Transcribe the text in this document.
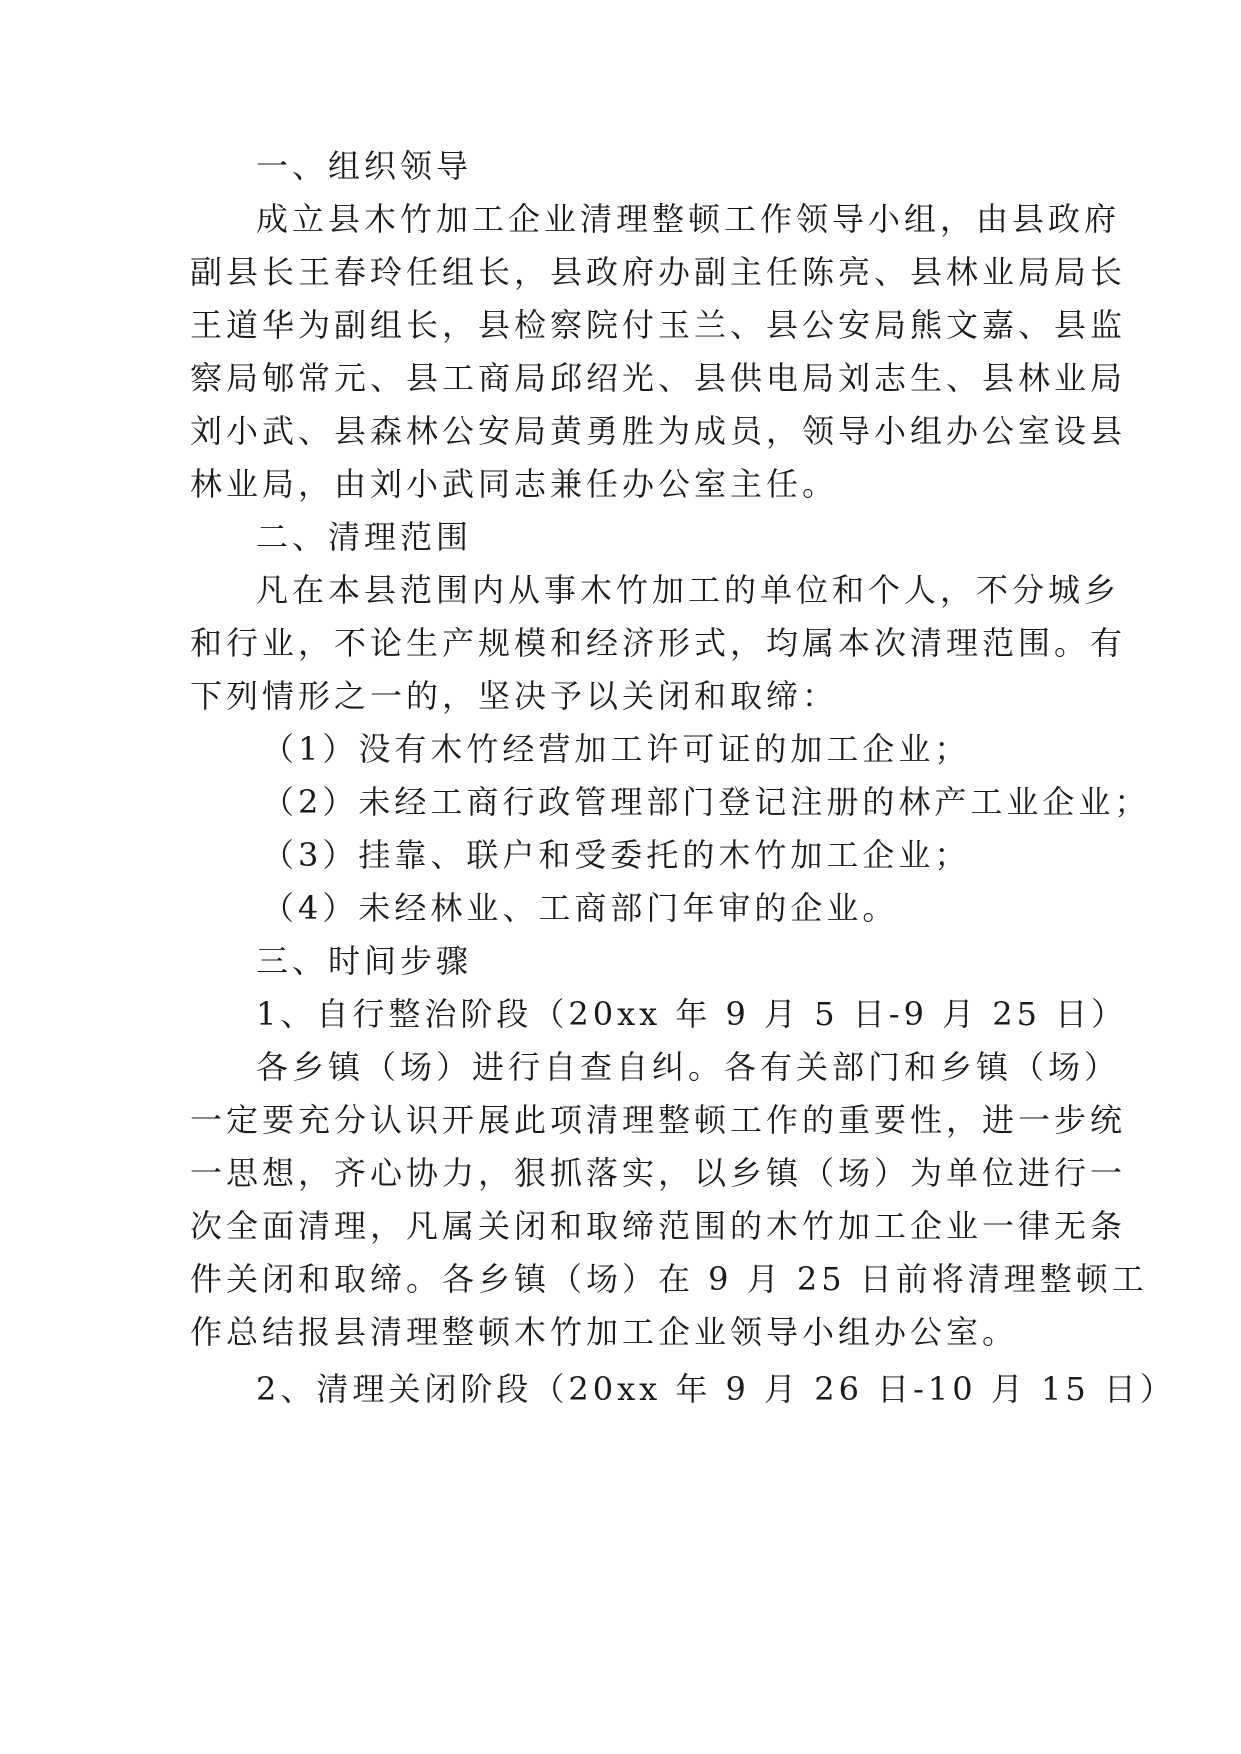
一、组织领导
成立县木竹加工企业清理整顿工作领导小组，由县政府
副县长王春玲任组长，县政府办副主任陈亮、县林业局局长
王道华为副组长，县检察院付玉兰、县公安局熊文嘉、县监
察局郇常元、县工商局邱绍光、县供电局刘志生、县林业局
刘小武、县森林公安局黄勇胜为成员，领导小组办公室设县
林业局，由刘小武同志兼任办公室主任。
二、清理范围
凡在本县范围内从事木竹加工的单位和个人，不分城乡
和行业，不论生产规模和经济形式，均属本次清理范围。有
下列情形之一的，坚决予以关闭和取缔：
（1）没有木竹经营加工许可证的加工企业；
（2）未经工商行政管理部门登记注册的林产工业企业；
（3）挂靠、联户和受委托的木竹加工企业；
（4）未经林业、工商部门年审的企业。
三、时间步骤
1、自行整治阶段（20xx 年 9 月 5 日-9 月 25 日）
各乡镇（场）进行自查自纠。各有关部门和乡镇（场）
一定要充分认识开展此项清理整顿工作的重要性，进一步统
一思想，齐心协力，狠抓落实，以乡镇（场）为单位进行一
次全面清理，凡属关闭和取缔范围的木竹加工企业一律无条
件关闭和取缔。各乡镇（场）在 9 月 25 日前将清理整顿工
作总结报县清理整顿木竹加工企业领导小组办公室。
2、清理关闭阶段（20xx 年 9 月 26 日-10 月 15 日）
